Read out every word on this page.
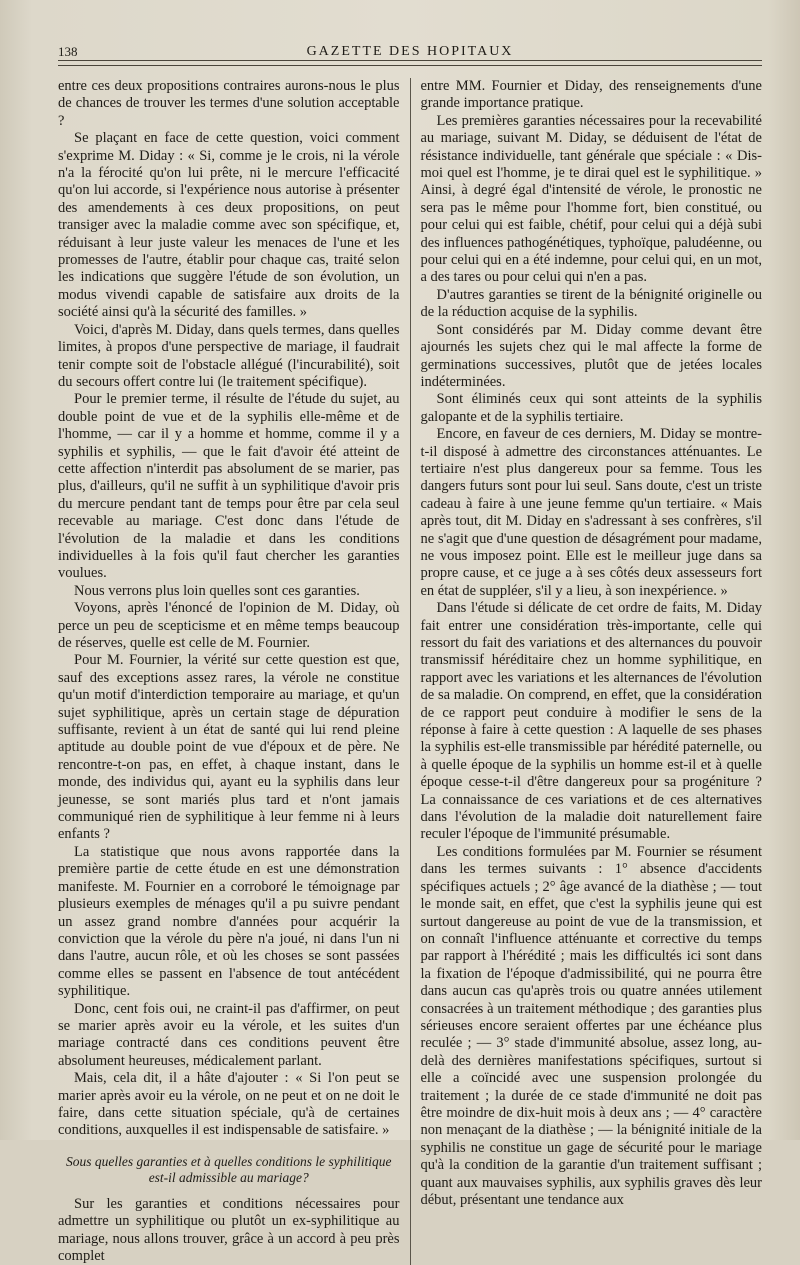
138	GAZETTE DES HOPITAUX

entre ces deux propositions contraires aurons-nous le plus de chances de trouver les termes d'une solution acceptable ?

Se plaçant en face de cette question, voici comment s'exprime M. Diday : « Si, comme je le crois, ni la vérole n'a la férocité qu'on lui prête, ni le mercure l'efficacité qu'on lui accorde, si l'expérience nous autorise à présenter des amendements à ces deux propositions, on peut transiger avec la maladie comme avec son spécifique, et, réduisant à leur juste valeur les menaces de l'une et les promesses de l'autre, établir pour chaque cas, traité selon les indications que suggère l'étude de son évolution, un modus vivendi capable de satisfaire aux droits de la société ainsi qu'à la sécurité des familles. »

Voici, d'après M. Diday, dans quels termes, dans quelles limites, à propos d'une perspective de mariage, il faudrait tenir compte soit de l'obstacle allégué (l'incurabilité), soit du secours offert contre lui (le traitement spécifique).

Pour le premier terme, il résulte de l'étude du sujet, au double point de vue et de la syphilis elle-même et de l'homme, — car il y a homme et homme, comme il y a syphilis et syphilis, — que le fait d'avoir été atteint de cette affection n'interdit pas absolument de se marier, pas plus, d'ailleurs, qu'il ne suffit à un syphilitique d'avoir pris du mercure pendant tant de temps pour être par cela seul recevable au mariage. C'est donc dans l'étude de l'évolution de la maladie et dans les conditions individuelles à la fois qu'il faut chercher les garanties voulues.

Nous verrons plus loin quelles sont ces garanties.

Voyons, après l'énoncé de l'opinion de M. Diday, où perce un peu de scepticisme et en même temps beaucoup de réserves, quelle est celle de M. Fournier.

Pour M. Fournier, la vérité sur cette question est que, sauf des exceptions assez rares, la vérole ne constitue qu'un motif d'interdiction temporaire au mariage, et qu'un sujet syphilitique, après un certain stage de dépuration suffisante, revient à un état de santé qui lui rend pleine aptitude au double point de vue d'époux et de père. Ne rencontre-t-on pas, en effet, à chaque instant, dans le monde, des individus qui, ayant eu la syphilis dans leur jeunesse, se sont mariés plus tard et n'ont jamais communiqué rien de syphilitique à leur femme ni à leurs enfants ?

La statistique que nous avons rapportée dans la première partie de cette étude en est une démonstration manifeste. M. Fournier en a corroboré le témoignage par plusieurs exemples de ménages qu'il a pu suivre pendant un assez grand nombre d'années pour acquérir la conviction que la vérole du père n'a joué, ni dans l'un ni dans l'autre, aucun rôle, et où les choses se sont passées comme elles se passent en l'absence de tout antécédent syphilitique.

Donc, cent fois oui, ne craint-il pas d'affirmer, on peut se marier après avoir eu la vérole, et les suites d'un mariage contracté dans ces conditions peuvent être absolument heureuses, médicalement parlant.

Mais, cela dit, il a hâte d'ajouter : « Si l'on peut se marier après avoir eu la vérole, on ne peut et on ne doit le faire, dans cette situation spéciale, qu'à de certaines conditions, auxquelles il est indispensable de satisfaire. »

Sous quelles garanties et à quelles conditions le syphilitique est-il admissible au mariage?

Sur les garanties et conditions nécessaires pour admettre un syphilitique ou plutôt un ex-syphilitique au mariage, nous allons trouver, grâce à un accord à peu près complet

entre MM. Fournier et Diday, des renseignements d'une grande importance pratique.

Les premières garanties nécessaires pour la recevabilité au mariage, suivant M. Diday, se déduisent de l'état de résistance individuelle, tant générale que spéciale : « Dis-moi quel est l'homme, je te dirai quel est le syphilitique. » Ainsi, à degré égal d'intensité de vérole, le pronostic ne sera pas le même pour l'homme fort, bien constitué, ou pour celui qui est faible, chétif, pour celui qui a déjà subi des influences pathogénétiques, typhoïque, paludéenne, ou pour celui qui en a été indemne, pour celui qui, en un mot, a des tares ou pour celui qui n'en a pas.

D'autres garanties se tirent de la bénignité originelle ou de la réduction acquise de la syphilis.

Sont considérés par M. Diday comme devant être ajournés les sujets chez qui le mal affecte la forme de germinations successives, plutôt que de jetées locales indéterminées.

Sont éliminés ceux qui sont atteints de la syphilis galopante et de la syphilis tertiaire.

Encore, en faveur de ces derniers, M. Diday se montre-t-il disposé à admettre des circonstances atténuantes. Le tertiaire n'est plus dangereux pour sa femme. Tous les dangers futurs sont pour lui seul. Sans doute, c'est un triste cadeau à faire à une jeune femme qu'un tertiaire. « Mais après tout, dit M. Diday en s'adressant à ses confrères, s'il ne s'agit que d'une question de désagrément pour madame, ne vous imposez point. Elle est le meilleur juge dans sa propre cause, et ce juge a à ses côtés deux assesseurs fort en état de suppléer, s'il y a lieu, à son inexpérience. »

Dans l'étude si délicate de cet ordre de faits, M. Diday fait entrer une considération très-importante, celle qui ressort du fait des variations et des alternances du pouvoir transmissif héréditaire chez un homme syphilitique, en rapport avec les variations et les alternances de l'évolution de sa maladie. On comprend, en effet, que la considération de ce rapport peut conduire à modifier le sens de la réponse à faire à cette question : A laquelle de ses phases la syphilis est-elle transmissible par hérédité paternelle, ou à quelle époque de la syphilis un homme est-il et à quelle époque cesse-t-il d'être dangereux pour sa progéniture ? La connaissance de ces variations et de ces alternatives dans l'évolution de la maladie doit naturellement faire reculer l'époque de l'immunité présumable.

Les conditions formulées par M. Fournier se résument dans les termes suivants : 1° absence d'accidents spécifiques actuels ; 2° âge avancé de la diathèse ; — tout le monde sait, en effet, que c'est la syphilis jeune qui est surtout dangereuse au point de vue de la transmission, et on connaît l'influence atténuante et corrective du temps par rapport à l'hérédité ; mais les difficultés ici sont dans la fixation de l'époque d'admissibilité, qui ne pourra être dans aucun cas qu'après trois ou quatre années utilement consacrées à un traitement méthodique ; des garanties plus sérieuses encore seraient offertes par une échéance plus reculée ; — 3° stade d'immunité absolue, assez long, au-delà des dernières manifestations spécifiques, surtout si elle a coïncidé avec une suspension prolongée du traitement ; la durée de ce stade d'immunité ne doit pas être moindre de dix-huit mois à deux ans ; — 4° caractère non menaçant de la diathèse ; — la bénignité initiale de la syphilis ne constitue un gage de sécurité pour le mariage qu'à la condition de la garantie d'un traitement suffisant ; quant aux mauvaises syphilis, aux syphilis graves dès leur début, présentant une tendance aux
